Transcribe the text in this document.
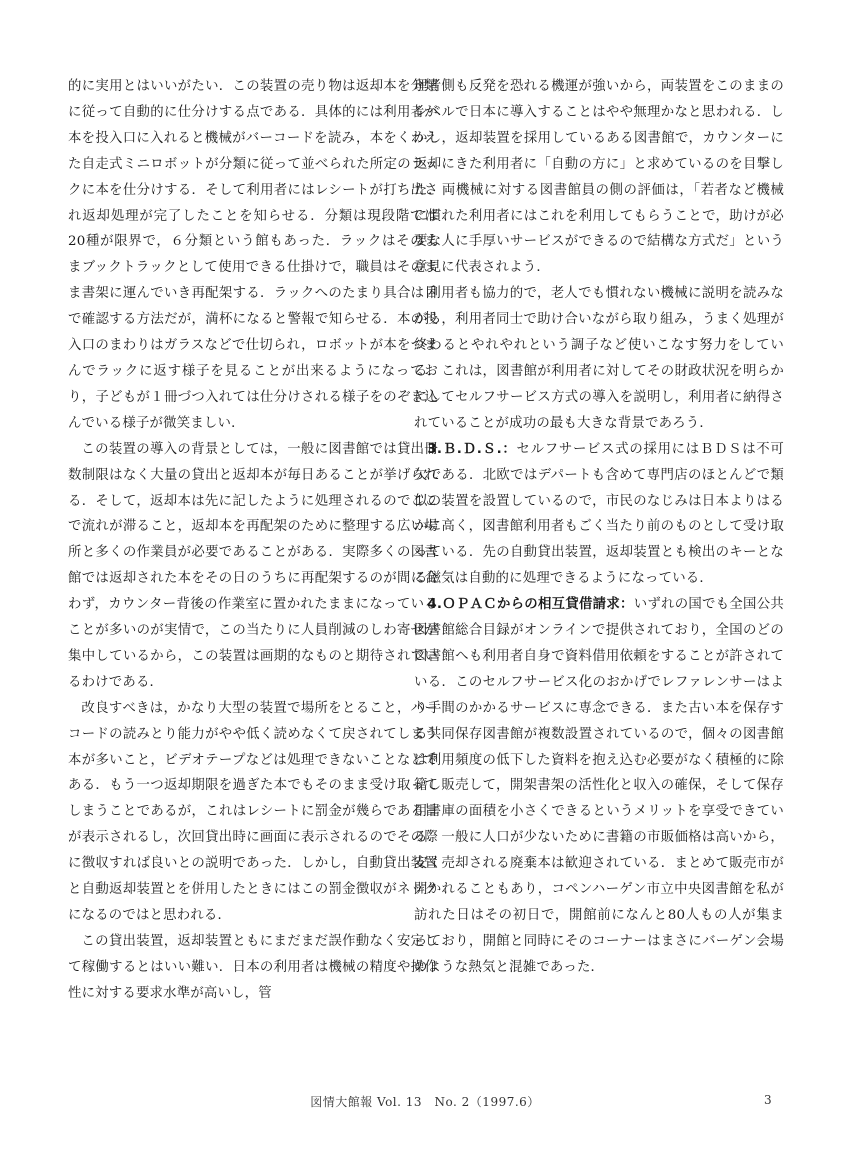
的に実用とはいいがたい．この装置の売り物は返却本を分類に従って自動的に仕分けする点である．具体的には利用者が本を投入口に入れると機械がバーコードを読み，本をくわえた自走式ミニロボットが分類に従って並べられた所定のラックに本を仕分けする．そして利用者にはレシートが打ち出され返却処理が完了したことを知らせる．分類は現段階では20種が限界で，６分類という館もあった．ラックはそのままブックトラックとして使用できる仕掛けで，職員はそのまま書架に運んでいき再配架する．ラックへのたまり具合は目で確認する方法だが，満杯になると警報で知らせる．本の投入口のまわりはガラスなどで仕切られ，ロボットが本をつまんでラックに返す様子を見ることが出来るようになっており，子どもが１冊づつ入れては仕分けされる様子をのぞき込んでいる様子が微笑ましい．

この装置の導入の背景としては，一般に図書館では貸出冊数制限はなく大量の貸出と返却本が毎日あることが挙げられる．そして，返却本は先に記したように処理されるのでここで流れが滞ること，返却本を再配架のために整理する広い場所と多くの作業員が必要であることがある．実際多くの図書館では返却された本をその日のうちに再配架するのが間に合わず，カウンター背後の作業室に置かれたままになっていることが多いのが実情で，この当たりに人員削減のしわ寄せが集中しているから，この装置は画期的なものと期待されているわけである．

改良すべきは，かなり大型の装置で場所をとること，バーコードの読みとり能力がやや低く読めなくて戻されてしまう本が多いこと，ビデオテープなどは処理できないことなどである．もう一つ返却期限を過ぎた本でもそのまま受け取ってしまうことであるが，これはレシートに罰金が幾らである旨が表示されるし，次回貸出時に画面に表示されるのでその際に徴収すれば良いとの説明であった．しかし，自動貸出装置と自動返却装置とを併用したときにはこの罰金徴収がネックになるのではと思われる．

この貸出装置，返却装置ともにまだまだ誤作動なく安定して稼働するとはいい難い．日本の利用者は機械の精度や操作性に対する要求水準が高いし，管

理者側も反発を恐れる機運が強いから，両装置をこのままのレベルで日本に導入することはやや無理かなと思われる．しかし，返却装置を採用しているある図書館で，カウンターに返却にきた利用者に「自動の方に」と求めているのを目撃した．両機械に対する図書館員の側の評価は，「若者など機械に慣れた利用者にはこれを利用してもらうことで，助けが必要な人に手厚いサービスができるので結構な方式だ」という意見に代表されよう．

利用者も協力的で，老人でも慣れない機械に説明を読みながら，利用者同士で助け合いながら取り組み，うまく処理が終わるとやれやれという調子など使いこなす努力をしている．これは，図書館が利用者に対してその財政状況を明らかにしてセルフサービス方式の導入を説明し，利用者に納得されていることが成功の最も大きな背景であろう．

3.Ｂ.Ｄ.Ｓ.：セルフサービス式の採用にはＢＤＳは不可欠である．北欧ではデパートも含めて専門店のほとんどで類似の装置を設置しているので，市民のなじみは日本よりはるかに高く，図書館利用者もごく当たり前のものとして受け取っている．先の自動貸出装置，返却装置とも検出のキーとなる磁気は自動的に処理できるようになっている．

4.ＯＰＡＣからの相互貸借請求：いずれの国でも全国公共図書館総合目録がオンラインで提供されており，全国のどの図書館へも利用者自身で資料借用依頼をすることが許されている．このセルフサービス化のおかげでレファレンサーはより手間のかかるサービスに専念できる．また古い本を保存する共同保存図書館が複数設置されているので，個々の図書館は利用頻度の低下した資料を抱え込む必要がなく積極的に除籍し販売して，開架書架の活性化と収入の確保，そして保存用書庫の面積を小さくできるというメリットを享受できている．一般に人口が少ないために書籍の市販価格は高いから，安く売却される廃棄本は歓迎されている．まとめて販売市が開かれることもあり，コペンハーゲン市立中央図書館を私が訪れた日はその初日で，開館前になんと80人もの人が集まっており，開館と同時にそのコーナーはまさにバーゲン会場のような熱気と混雑であった．

図情大館報 Vol. 13　No. 2（1997.6）	3
